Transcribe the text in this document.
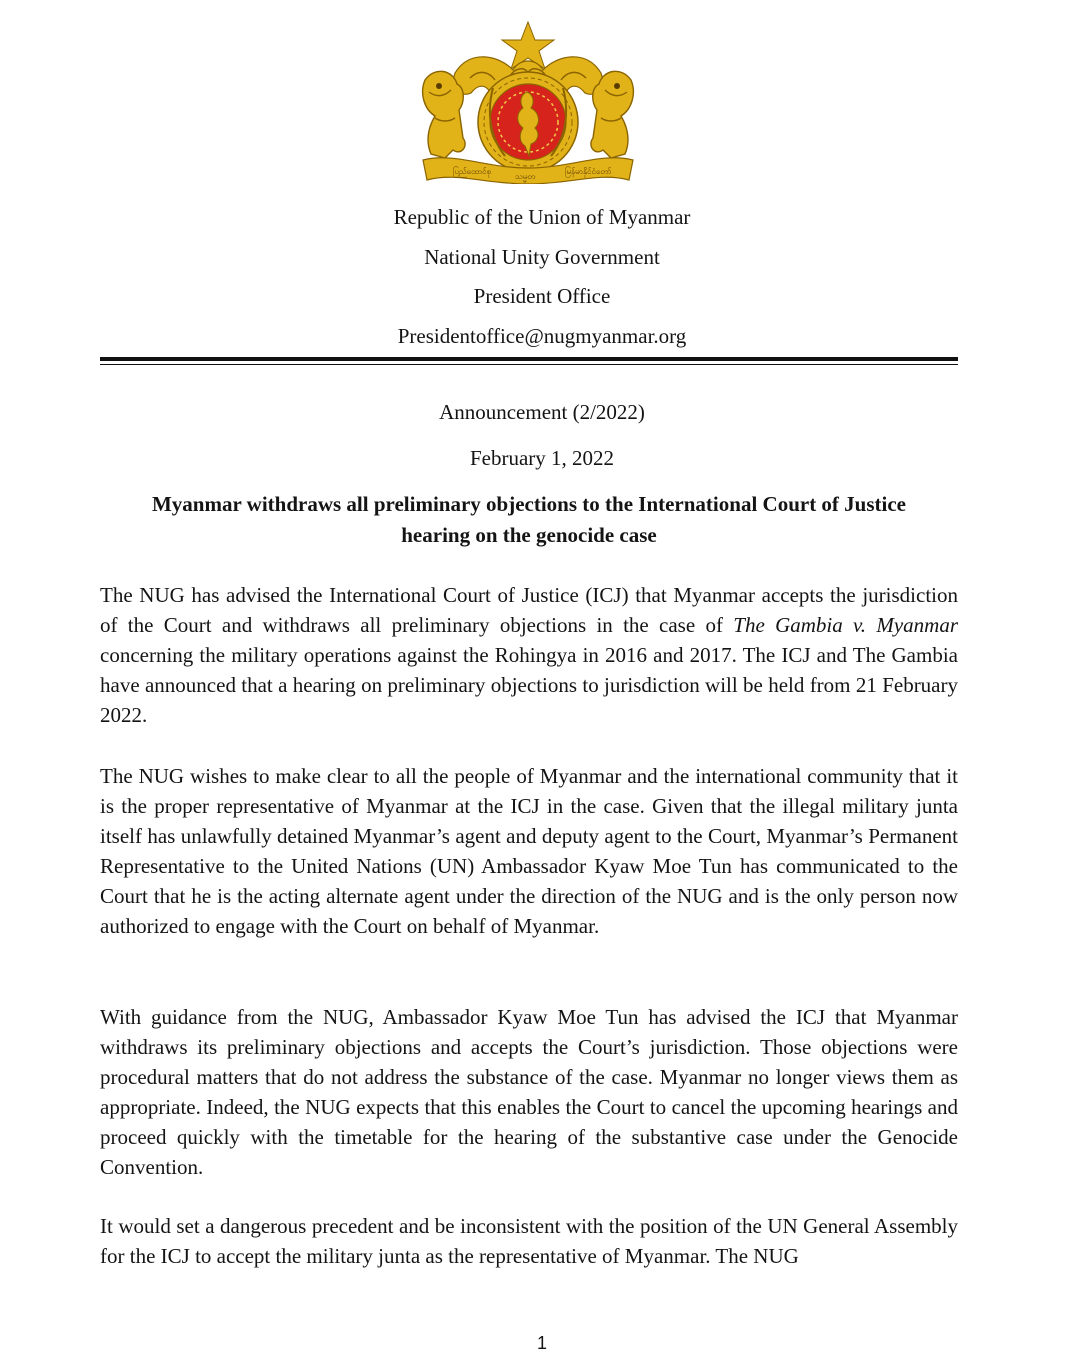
ပြည်ထောင်စု
သမ္မတ
မြန်မာနိုင်ငံတော်
Republic of the Union of Myanmar
National Unity Government
President Office
Presidentoffice@nugmyanmar.org
Announcement (2/2022)
February 1, 2022
Myanmar withdraws all preliminary objections to the International Court of Justice
hearing on the genocide case

The NUG has advised the International Court of Justice (ICJ) that Myanmar accepts the jurisdiction of the Court and withdraws all preliminary objections in the case of The Gambia v. Myanmar concerning the military operations against the Rohingya in 2016 and 2017. The ICJ and The Gambia have announced that a hearing on preliminary objections to jurisdiction will be held from 21 February 2022.

The NUG wishes to make clear to all the people of Myanmar and the international community that it is the proper representative of Myanmar at the ICJ in the case. Given that the illegal military junta itself has unlawfully detained Myanmar’s agent and deputy agent to the Court, Myanmar’s Permanent Representative to the United Nations (UN) Ambassador Kyaw Moe Tun has communicated to the Court that he is the acting alternate agent under the direction of the NUG and is the only person now authorized to engage with the Court on behalf of Myanmar.

With guidance from the NUG, Ambassador Kyaw Moe Tun has advised the ICJ that Myanmar withdraws its preliminary objections and accepts the Court’s jurisdiction. Those objections were procedural matters that do not address the substance of the case. Myanmar no longer views them as appropriate. Indeed, the NUG expects that this enables the Court to cancel the upcoming hearings and proceed quickly with the timetable for the hearing of the substantive case under the Genocide Convention.

It would set a dangerous precedent and be inconsistent with the position of the UN General Assembly for the ICJ to accept the military junta as the representative of Myanmar. The NUG

1
